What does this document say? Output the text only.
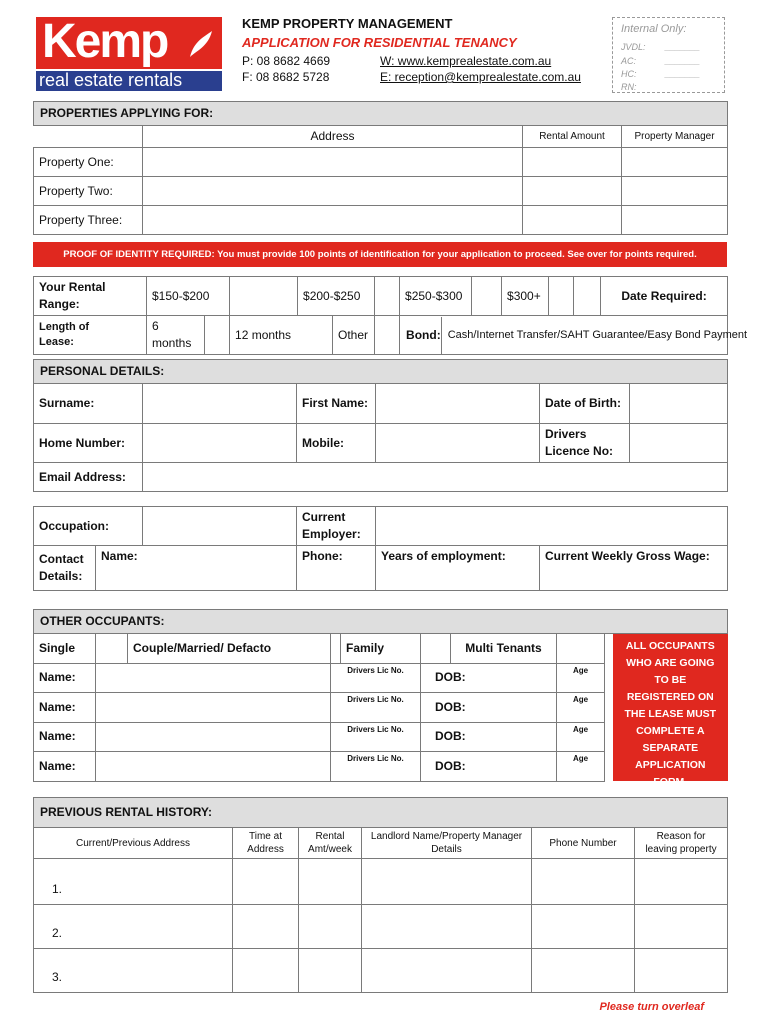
Kemp
real estate rentals
KEMP PROPERTY MANAGEMENT
APPLICATION FOR RESIDENTIAL TENANCY
P: 08 8682 4669
F: 08 8682 5728
W: www.kemprealestate.com.au
E: reception@kemprealestate.com.au
Internal Only:
JVDL:
AC:
HC:
RN:
_______
_______
_______
PROPERTIES APPLYING FOR:			
	Address	Rental Amount	Property Manager
Property One:			
Property Two:			
Property Three:			
PROOF OF IDENTITY REQUIRED: You must provide 100 points of identification for your application to proceed. See over for points required.
Your Rental Range:	$150-$200			$200-$250			$250-$300		$300+			Date Required:

Length of Lease:	6 months		12 months		Other		Bond: Cash/Internet Transfer/SAHT Guarantee/Easy Bond Payment					
PERSONAL DETAILS:					
Surname:		First Name:		Date of Birth:	
Home Number:		Mobile:		Drivers Licence No:	
Email Address:					
Occupation:			Current Employer:		
Contact Details:	Name:		Phone:	Years of employment:	Current Weekly Gross Wage:
OTHER OCCUPANTS:								
Single		Couple/Married/ Defacto		Family		Multi Tenants		ALL OCCUPANTS WHO ARE GOING TO BE REGISTERED ON THE LEASE MUST COMPLETE A SEPARATE APPLICATION FORM.

Name:			Drivers Lic No.		DOB:		Age	
Name:			Drivers Lic No.		DOB:		Age	
Name:			Drivers Lic No.		DOB:		Age	
Name:			Drivers Lic No.		DOB:		Age	
PREVIOUS RENTAL HISTORY:					
Current/Previous Address	Time at Address	Rental Amt/week	Landlord Name/Property Manager Details	Phone Number	Reason for leaving property
1.					
2.					
3.					
Please turn overleaf
